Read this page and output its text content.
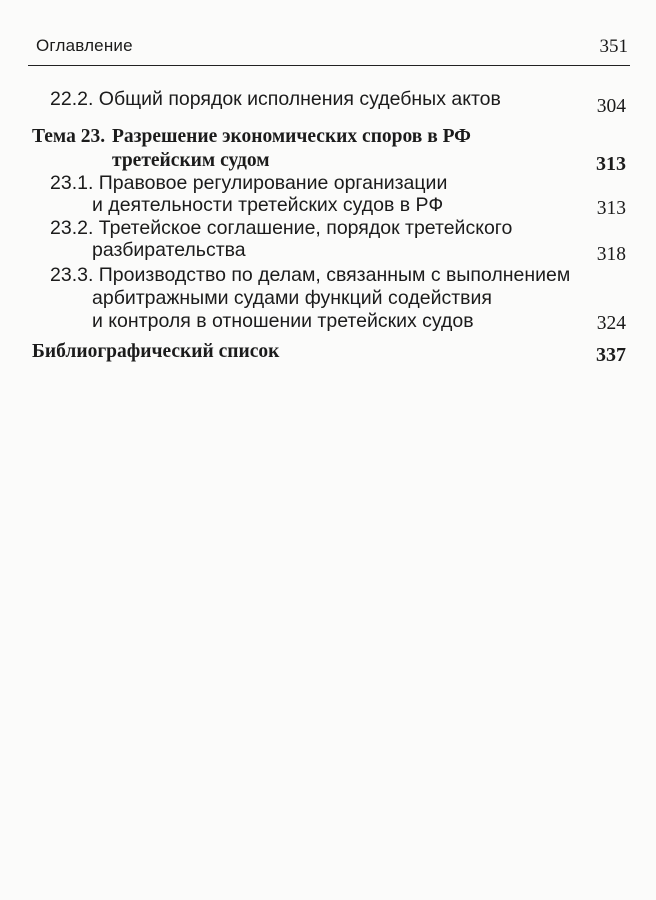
Оглавление	351
22.2. Общий порядок исполнения судебных актов	304
Тема 23. Разрешение экономических споров в РФ
третейским судом	313
23.1. Правовое регулирование организации
и деятельности третейских судов в РФ	313
23.2. Третейское соглашение, порядок третейского
разбирательства	318
23.3. Производство по делам, связанным с выполнением
арбитражными судами функций содействия
и контроля в отношении третейских судов	324
Библиографический список	337
